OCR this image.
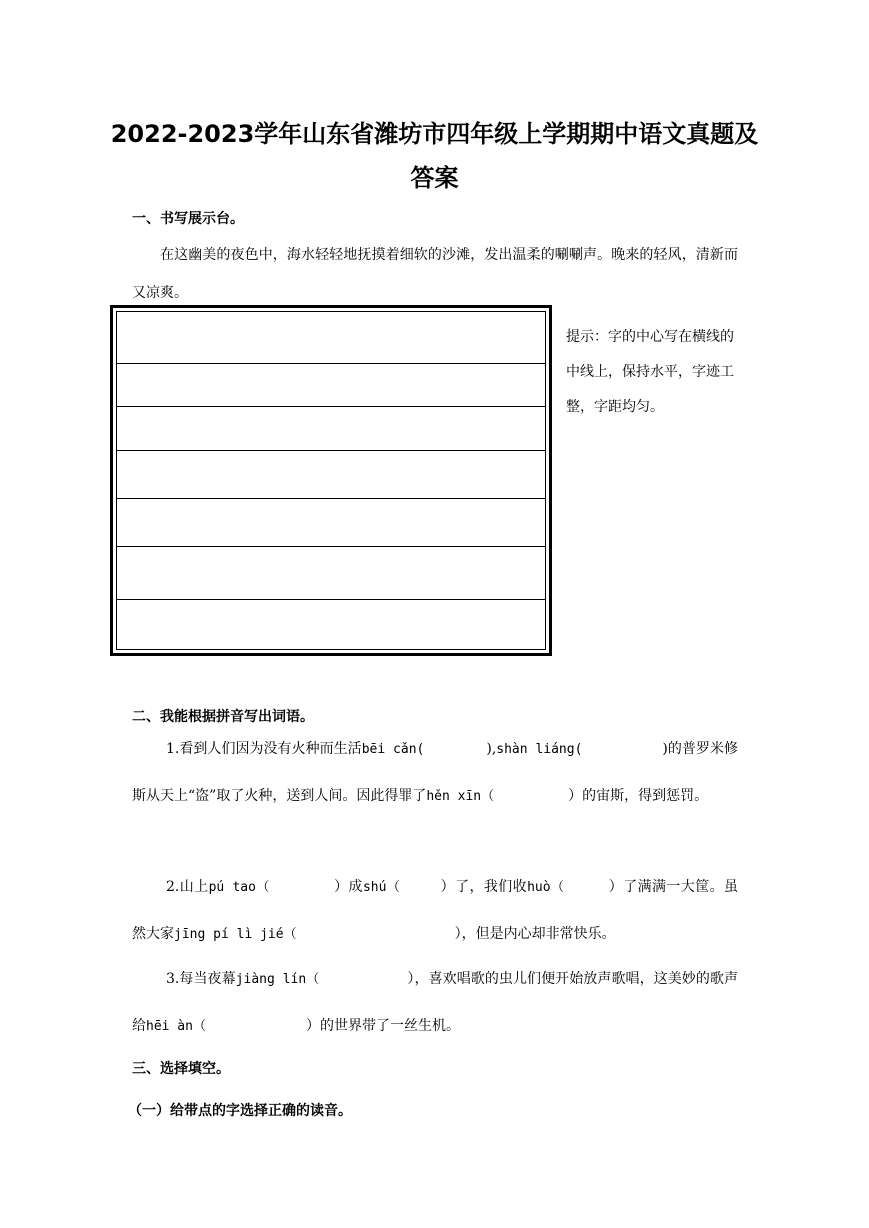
2022-2023学年山东省潍坊市四年级上学期期中语文真题及
答案
一、书写展示台。
在这幽美的夜色中，海水轻轻地抚摸着细软的沙滩，发出温柔的唰唰声。晚来的轻风，清新而又凉爽。
提示：字的中心写在横线的中线上，保持水平，字迹工整，字距均匀。
二、我能根据拼音写出词语。
1.看到人们因为没有火种而生活bēi cǎn(	),shàn liáng(	)的普罗米修斯从天上“盗”取了火种，送到人间。因此得罪了hěn xīn（	）的宙斯，得到惩罚。
2.山上pú tao（	）成shú（	）了，我们收huò（	）了满满一大筐。虽然大家jīng pí lì jié（	），但是内心却非常快乐。
3.每当夜幕jiàng lín（	），喜欢唱歌的虫儿们便开始放声歌唱，这美妙的歌声给hēi àn（	）的世界带了一丝生机。
三、选择填空。
（一）给带点的字选择正确的读音。
